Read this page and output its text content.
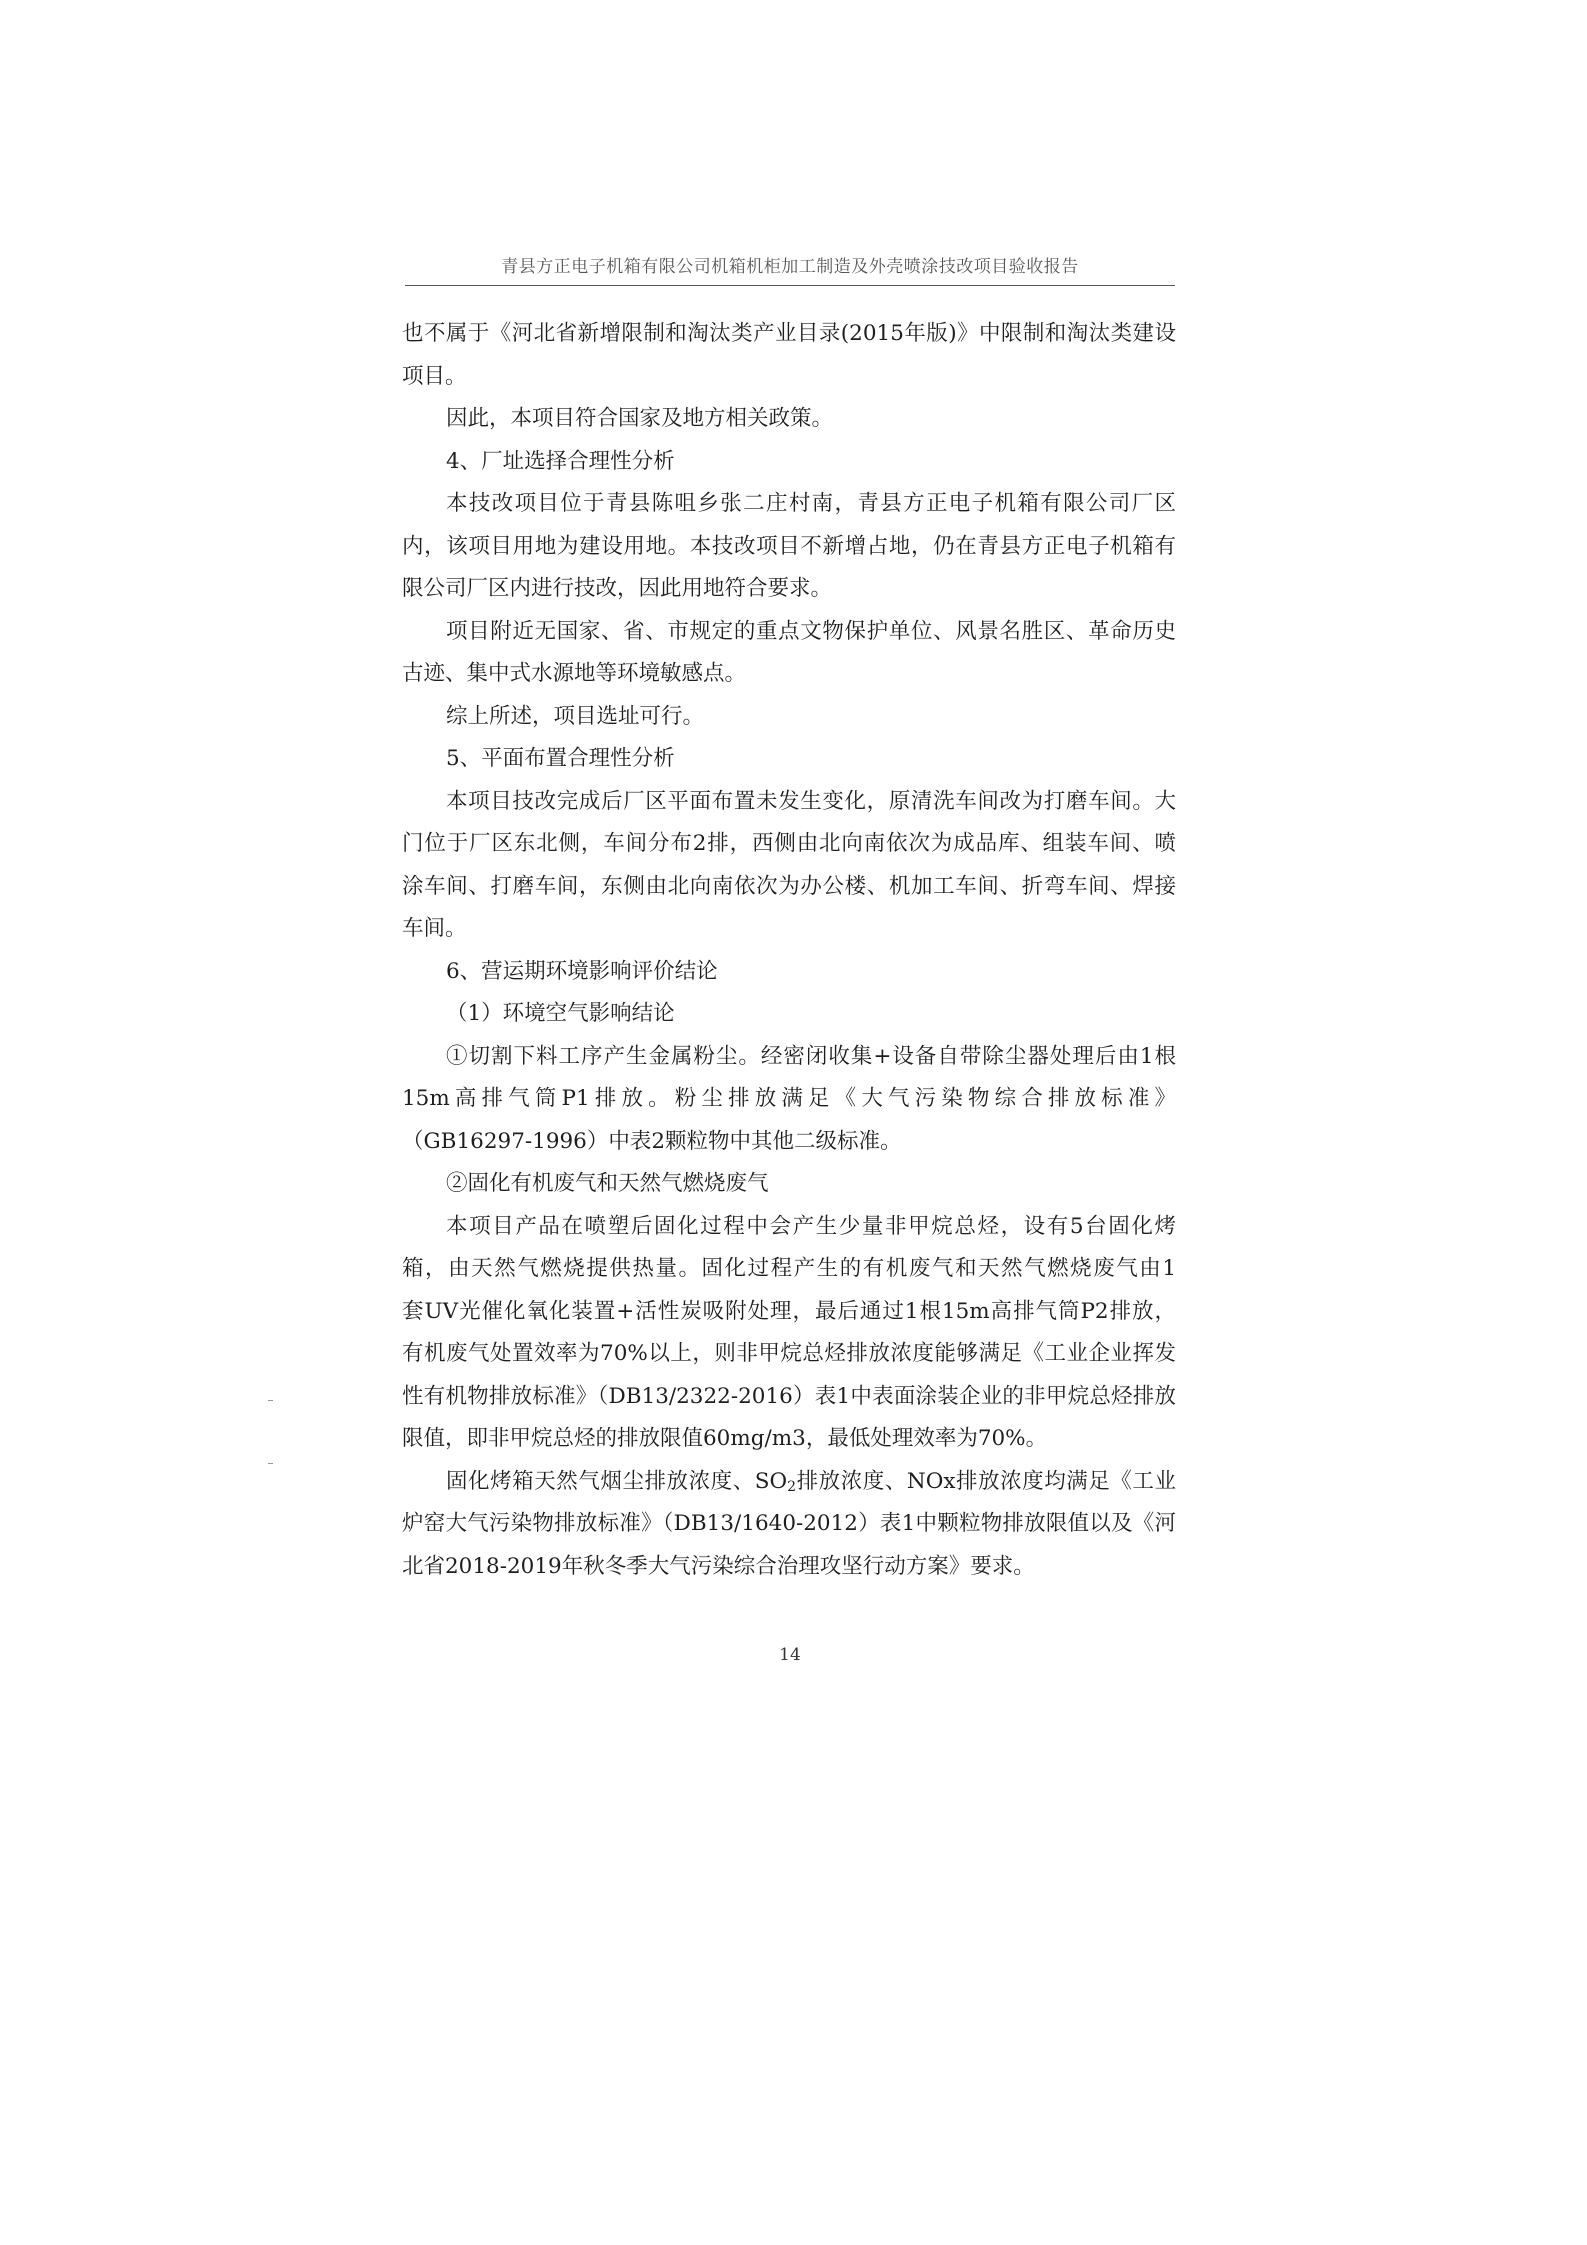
青县方正电子机箱有限公司机箱机柜加工制造及外壳喷涂技改项目验收报告
也不属于《河北省新增限制和淘汰类产业目录(2015年版)》中限制和淘汰类建设
项目。
因此，本项目符合国家及地方相关政策。
4、厂址选择合理性分析
本技改项目位于青县陈咀乡张二庄村南，青县方正电子机箱有限公司厂区
内，该项目用地为建设用地。本技改项目不新增占地，仍在青县方正电子机箱有
限公司厂区内进行技改，因此用地符合要求。
项目附近无国家、省、市规定的重点文物保护单位、风景名胜区、革命历史
古迹、集中式水源地等环境敏感点。
综上所述，项目选址可行。
5、平面布置合理性分析
本项目技改完成后厂区平面布置未发生变化，原清洗车间改为打磨车间。大
门位于厂区东北侧，车间分布2排，西侧由北向南依次为成品库、组装车间、喷
涂车间、打磨车间，东侧由北向南依次为办公楼、机加工车间、折弯车间、焊接
车间。
6、营运期环境影响评价结论
（1）环境空气影响结论
①切割下料工序产生金属粉尘。经密闭收集+设备自带除尘器处理后由1根
15m高排气筒P1排放。粉尘排放满足《大气污染物综合排放标准》
（GB16297-1996）中表2颗粒物中其他二级标准。
②固化有机废气和天然气燃烧废气
本项目产品在喷塑后固化过程中会产生少量非甲烷总烃，设有5台固化烤
箱，由天然气燃烧提供热量。固化过程产生的有机废气和天然气燃烧废气由1
套UV光催化氧化装置+活性炭吸附处理，最后通过1根15m高排气筒P2排放，
有机废气处置效率为70%以上，则非甲烷总烃排放浓度能够满足《工业企业挥发
性有机物排放标准》（DB13/2322-2016）表1中表面涂装企业的非甲烷总烃排放
限值，即非甲烷总烃的排放限值60mg/m3，最低处理效率为70%。
固化烤箱天然气烟尘排放浓度、$SO_2$排放浓度、NOx排放浓度均满足《工业
炉窑大气污染物排放标准》（DB13/1640-2012）表1中颗粒物排放限值以及《河
北省2018-2019年秋冬季大气污染综合治理攻坚行动方案》要求。
14
